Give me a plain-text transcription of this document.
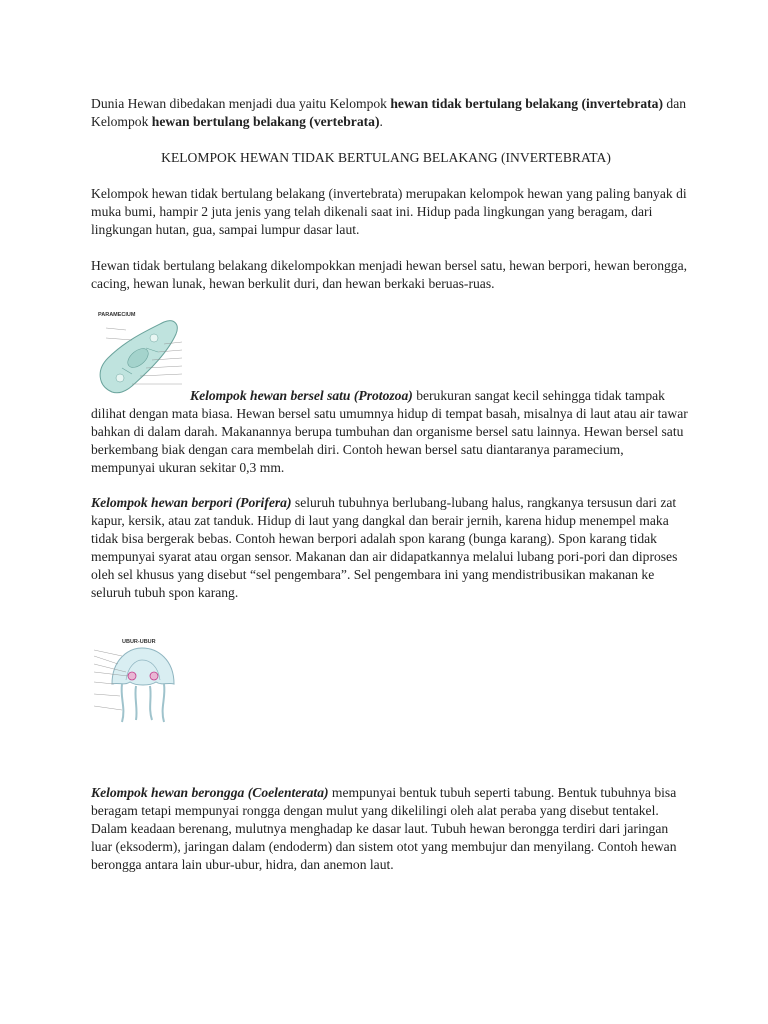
Dunia Hewan dibedakan menjadi dua yaitu Kelompok hewan tidak bertulang belakang (invertebrata) dan Kelompok hewan bertulang belakang (vertebrata).

KELOMPOK HEWAN TIDAK BERTULANG BELAKANG (INVERTEBRATA)

Kelompok hewan tidak bertulang belakang (invertebrata) merupakan kelompok hewan yang paling banyak di muka bumi, hampir 2 juta jenis yang telah dikenali saat ini. Hidup pada lingkungan yang beragam, dari lingkungan hutan, gua, sampai lumpur dasar laut.

Hewan tidak bertulang belakang dikelompokkan menjadi hewan bersel satu, hewan berpori, hewan berongga, cacing, hewan lunak, hewan berkulit duri, dan hewan berkaki beruas-ruas.

PARAMECIUM

Kelompok hewan bersel satu (Protozoa) berukuran sangat kecil sehingga tidak tampak dilihat dengan mata biasa. Hewan bersel satu umumnya hidup di tempat basah, misalnya di laut atau air tawar bahkan di dalam darah. Makanannya berupa tumbuhan dan organisme bersel satu lainnya. Hewan bersel satu berkembang biak dengan cara membelah diri. Contoh hewan bersel satu diantaranya paramecium, mempunyai ukuran sekitar 0,3 mm.

Kelompok hewan berpori (Porifera) seluruh tubuhnya berlubang-lubang halus, rangkanya tersusun dari zat kapur, kersik, atau zat tanduk. Hidup di laut yang dangkal dan berair jernih, karena hidup menempel maka tidak bisa bergerak bebas. Contoh hewan berpori adalah spon karang (bunga karang). Spon karang tidak mempunyai syarat atau organ sensor. Makanan dan air didapatkannya melalui lubang pori-pori dan diproses oleh sel khusus yang disebut “sel pengembara”. Sel pengembara ini yang mendistribusikan makanan ke seluruh tubuh spon karang.

UBUR-UBUR

Kelompok hewan berongga (Coelenterata) mempunyai bentuk tubuh seperti tabung. Bentuk tubuhnya bisa beragam tetapi mempunyai rongga dengan mulut yang dikelilingi oleh alat peraba yang disebut tentakel. Dalam keadaan berenang, mulutnya menghadap ke dasar laut. Tubuh hewan berongga terdiri dari jaringan luar (eksoderm), jaringan dalam (endoderm) dan sistem otot yang membujur dan menyilang. Contoh hewan berongga antara lain ubur-ubur, hidra, dan anemon laut.
